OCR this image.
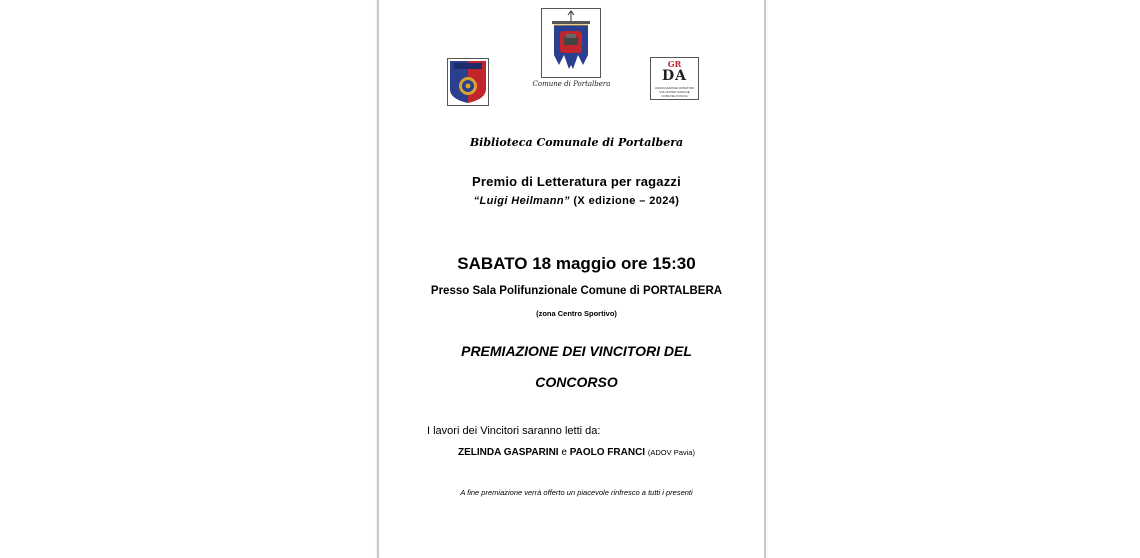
Comune di Portalbera
GR
DA
ASSOCIAZIONE DONATORI VOLONTARI SANGUE COMUNE DI PAVIA
Biblioteca Comunale di Portalbera
Premio di Letteratura per ragazzi
“Luigi Heilmann” (X edizione – 2024)
SABATO 18 maggio ore 15:30
Presso Sala Polifunzionale Comune di PORTALBERA
(zona Centro Sportivo)
PREMIAZIONE DEI VINCITORI DEL
CONCORSO
I lavori dei Vincitori saranno letti da:
ZELINDA GASPARINI e PAOLO FRANCI (ADOV Pavia)
A fine premiazione verrà offerto un piacevole rinfresco a tutti i presenti
